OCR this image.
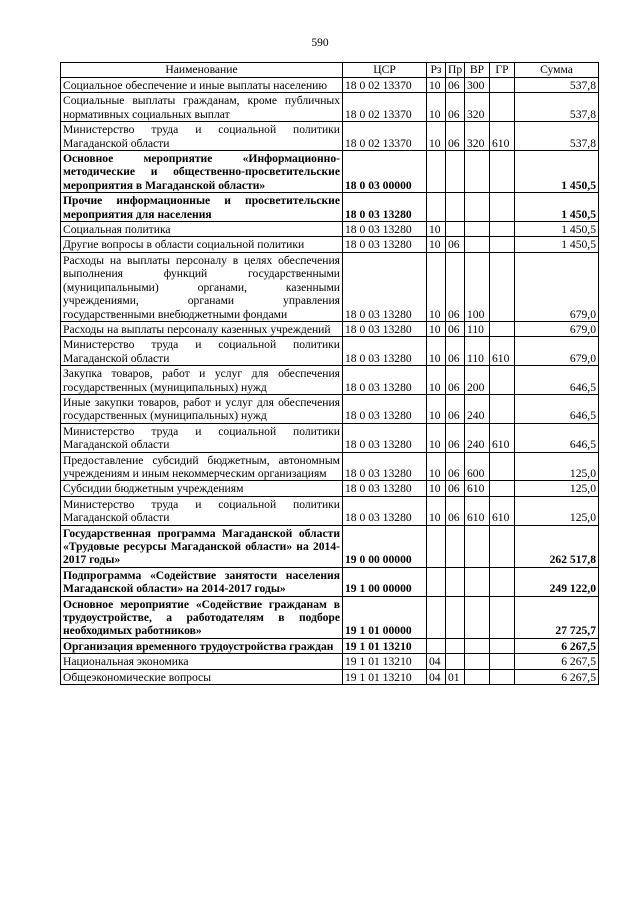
590
Наименование	ЦСР	Рз	Пр	ВР	ГР	Сумма
Социальное обеспечение и иные выплаты населению	18 0 02 13370	10	06	300		537,8
Социальные выплаты гражданам, кроме публичных нормативных социальных выплат	18 0 02 13370	10	06	320		537,8
Министерство труда и социальной политики Магаданской области	18 0 02 13370	10	06	320	610	537,8
Основное мероприятие «Информационно-методические и общественно-просветительские мероприятия в Магаданской области»	18 0 03 00000					1 450,5
Прочие информационные и просветительские мероприятия для населения	18 0 03 13280					1 450,5
Социальная политика	18 0 03 13280	10				1 450,5
Другие вопросы в области социальной политики	18 0 03 13280	10	06			1 450,5
Расходы на выплаты персоналу в целях обеспечения выполнения функций государственными (муниципальными) органами, казенными учреждениями, органами управления государственными внебюджетными фондами	18 0 03 13280	10	06	100		679,0
Расходы на выплаты персоналу казенных учреждений	18 0 03 13280	10	06	110		679,0
Министерство труда и социальной политики Магаданской области	18 0 03 13280	10	06	110	610	679,0
Закупка товаров, работ и услуг для обеспечения государственных (муниципальных) нужд	18 0 03 13280	10	06	200		646,5
Иные закупки товаров, работ и услуг для обеспечения государственных (муниципальных) нужд	18 0 03 13280	10	06	240		646,5
Министерство труда и социальной политики Магаданской области	18 0 03 13280	10	06	240	610	646,5
Предоставление субсидий бюджетным, автономным учреждениям и иным некоммерческим организациям	18 0 03 13280	10	06	600		125,0
Субсидии бюджетным учреждениям	18 0 03 13280	10	06	610		125,0
Министерство труда и социальной политики Магаданской области	18 0 03 13280	10	06	610	610	125,0
Государственная программа Магаданской области «Трудовые ресурсы Магаданской области» на 2014-2017 годы»	19 0 00 00000					262 517,8
Подпрограмма «Содействие занятости населения Магаданской области» на 2014-2017 годы»	19 1 00 00000					249 122,0
Основное мероприятие «Содействие гражданам в трудоустройстве, а работодателям в подборе необходимых работников»	19 1 01 00000					27 725,7
Организация временного трудоустройства граждан	19 1 01 13210					6 267,5
Национальная экономика	19 1 01 13210	04				6 267,5
Общеэкономические вопросы	19 1 01 13210	04	01			6 267,5
